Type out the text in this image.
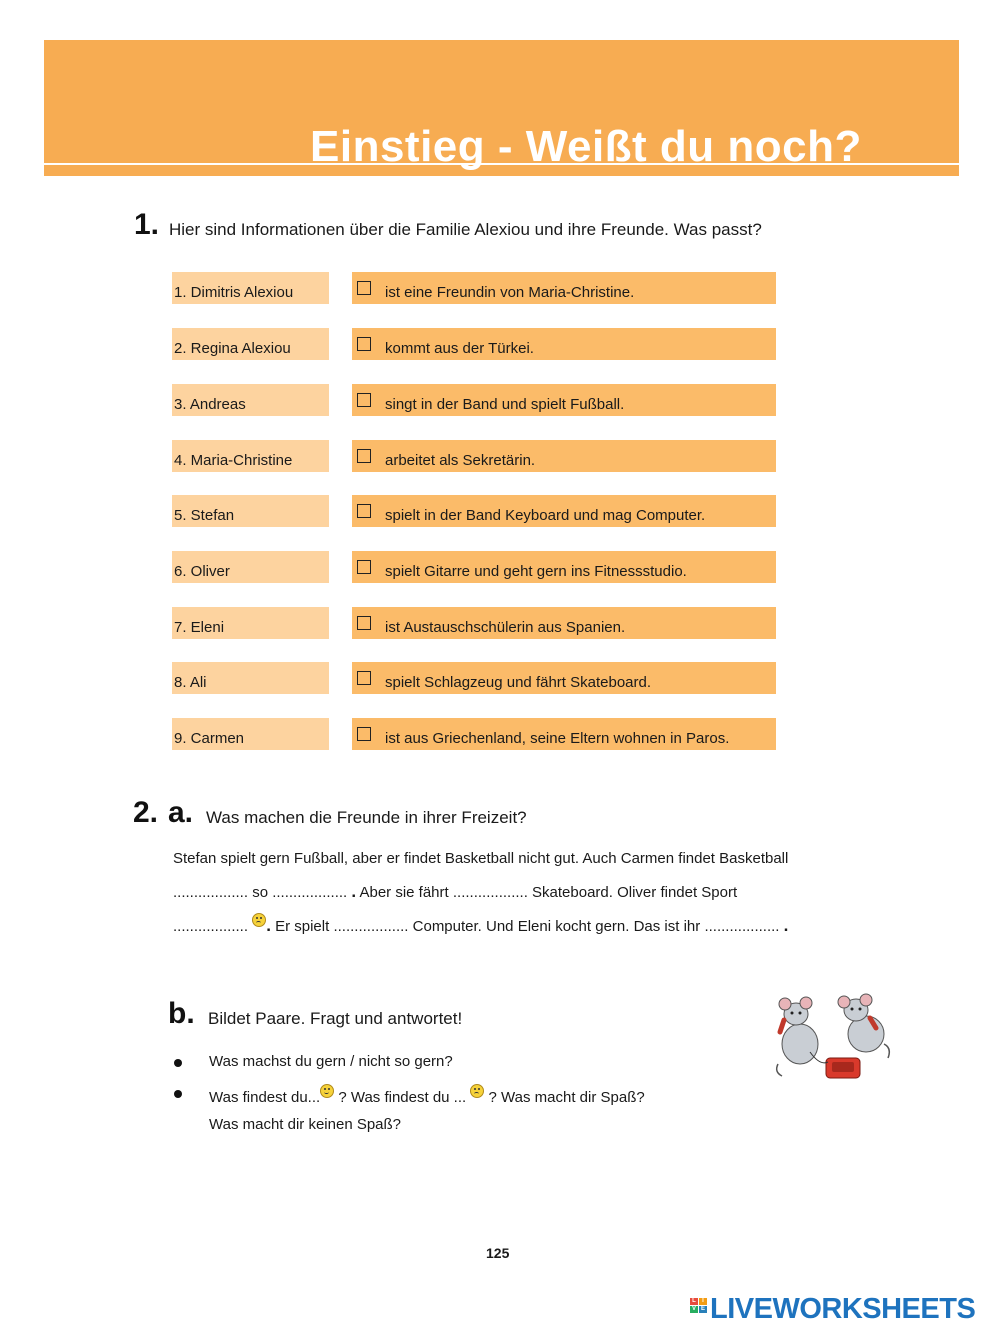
Einstieg - Weißt du noch?
1. Hier sind Informationen über die Familie Alexiou und ihre Freunde. Was passt?
1. Dimitris Alexiou	ist eine Freundin von Maria-Christine.
2. Regina Alexiou	kommt aus der Türkei.
3. Andreas	singt in der Band und spielt Fußball.
4. Maria-Christine	arbeitet als Sekretärin.
5. Stefan	spielt in der Band Keyboard und mag Computer.
6. Oliver	spielt Gitarre und geht gern ins Fitnessstudio.
7. Eleni	ist Austauschschülerin aus Spanien.
8. Ali	spielt Schlagzeug und fährt Skateboard.
9. Carmen	ist aus Griechenland, seine Eltern wohnen in Paros.
2. a. Was machen die Freunde in ihrer Freizeit?
Stefan spielt gern Fußball, aber er findet Basketball nicht gut. Auch Carmen findet Basketball
.................. so .................. . Aber sie fährt .................. Skateboard. Oliver findet Sport
.................. . Er spielt .................. Computer. Und Eleni kocht gern. Das ist ihr .................. .
b. Bildet Paare. Fragt und antwortet!
Was machst du gern / nicht so gern?
Was findest du... ? Was findest du ... ? Was macht dir Spaß?
Was macht dir keinen Spaß?
125
L	I
V E LIVEWORKSHEETS
